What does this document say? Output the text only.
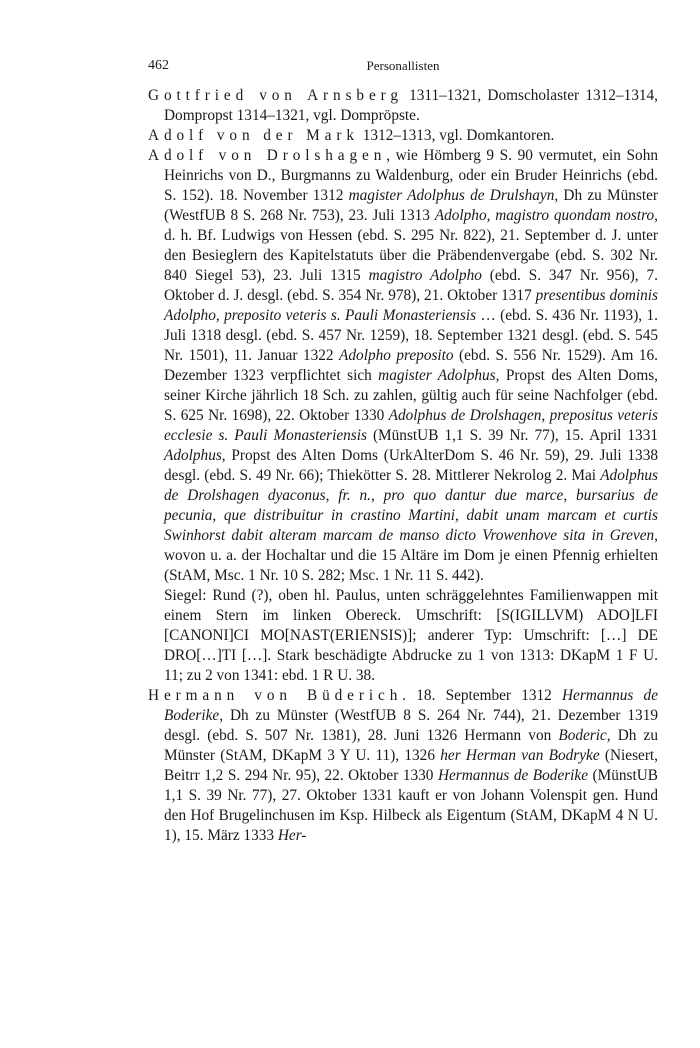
462	Personallisten

Gottfried von Arnsberg 1311–1321, Domscholaster 1312–1314, Dompropst 1314–1321, vgl. Dompröpste.

Adolf von der Mark 1312–1313, vgl. Domkantoren.

Adolf von Drolshagen, wie Hömberg 9 S. 90 vermutet, ein Sohn Heinrichs von D., Burgmanns zu Waldenburg, oder ein Bruder Heinrichs (ebd. S. 152). 18. November 1312 magister Adolphus de Drulshayn, Dh zu Münster (WestfUB 8 S. 268 Nr. 753), 23. Juli 1313 Adolpho, magistro quondam nostro, d. h. Bf. Ludwigs von Hessen (ebd. S. 295 Nr. 822), 21. September d. J. unter den Besieglern des Kapitelstatuts über die Präbendenvergabe (ebd. S. 302 Nr. 840 Siegel 53), 23. Juli 1315 magistro Adolpho (ebd. S. 347 Nr. 956), 7. Oktober d. J. desgl. (ebd. S. 354 Nr. 978), 21. Oktober 1317 presentibus dominis Adolpho, preposito veteris s. Pauli Monasteriensis … (ebd. S. 436 Nr. 1193), 1. Juli 1318 desgl. (ebd. S. 457 Nr. 1259), 18. September 1321 desgl. (ebd. S. 545 Nr. 1501), 11. Januar 1322 Adolpho preposito (ebd. S. 556 Nr. 1529). Am 16. Dezember 1323 verpflichtet sich magister Adolphus, Propst des Alten Doms, seiner Kirche jährlich 18 Sch. zu zahlen, gültig auch für seine Nachfolger (ebd. S. 625 Nr. 1698), 22. Oktober 1330 Adolphus de Drolshagen, prepositus veteris ecclesie s. Pauli Monasteriensis (MünstUB 1,1 S. 39 Nr. 77), 15. April 1331 Adolphus, Propst des Alten Doms (UrkAlterDom S. 46 Nr. 59), 29. Juli 1338 desgl. (ebd. S. 49 Nr. 66); Thiekötter S. 28. Mittlerer Nekrolog 2. Mai Adolphus de Drolshagen dyaconus, fr. n., pro quo dantur due marce, bursarius de pecunia, que distribuitur in crastino Martini, dabit unam marcam et curtis Swinhorst dabit alteram marcam de manso dicto Vrowenhove sita in Greven, wovon u. a. der Hochaltar und die 15 Altäre im Dom je einen Pfennig erhielten (StAM, Msc. 1 Nr. 10 S. 282; Msc. 1 Nr. 11 S. 442).

Siegel: Rund (?), oben hl. Paulus, unten schräggelehntes Familienwappen mit einem Stern im linken Obereck. Umschrift: [S(IGILLVM) ADO]LFI [CANONI]CI MO[NAST(ERIENSIS)]; anderer Typ: Umschrift: […] DE DRO[…]TI […]. Stark beschädigte Abdrucke zu 1 von 1313: DKapM 1 F U. 11; zu 2 von 1341: ebd. 1 R U. 38.

Hermann von Büderich. 18. September 1312 Hermannus de Boderike, Dh zu Münster (WestfUB 8 S. 264 Nr. 744), 21. Dezember 1319 desgl. (ebd. S. 507 Nr. 1381), 28. Juni 1326 Hermann von Boderic, Dh zu Münster (StAM, DKapM 3 Y U. 11), 1326 her Herman van Bodryke (Niesert, Beitrr 1,2 S. 294 Nr. 95), 22. Oktober 1330 Hermannus de Boderike (MünstUB 1,1 S. 39 Nr. 77), 27. Oktober 1331 kauft er von Johann Volenspit gen. Hund den Hof Brugelinchusen im Ksp. Hilbeck als Eigentum (StAM, DKapM 4 N U. 1), 15. März 1333 Her-
